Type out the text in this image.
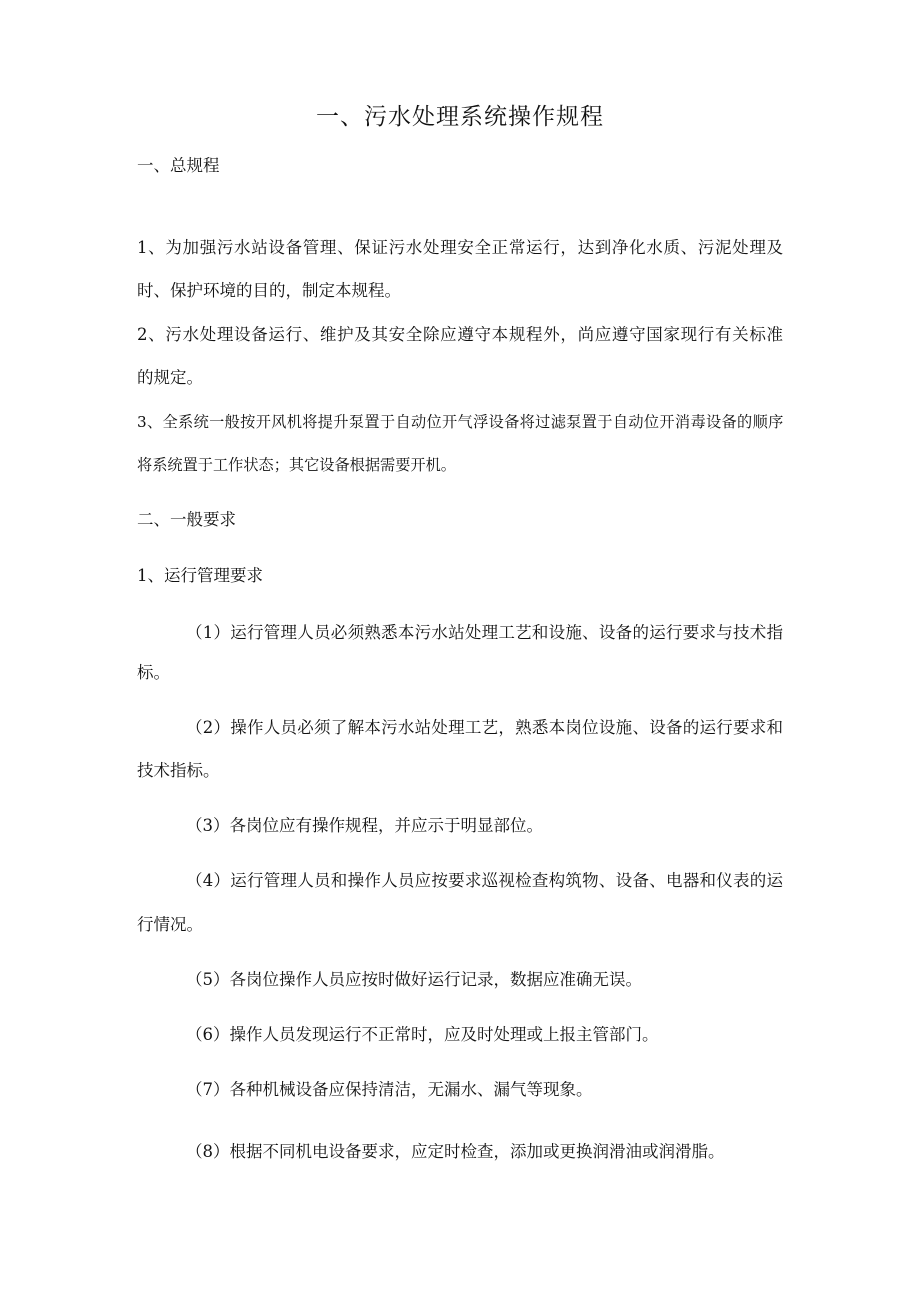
一、污水处理系统操作规程
一、总规程
1、为加强污水站设备管理、保证污水处理安全正常运行，达到净化水质、污泥处理及
时、保护环境的目的，制定本规程。
2、污水处理设备运行、维护及其安全除应遵守本规程外，尚应遵守国家现行有关标准
的规定。
3、全系统一般按开风机将提升泵置于自动位开气浮设备将过滤泵置于自动位开消毒设备的顺序
将系统置于工作状态；其它设备根据需要开机。
二、一般要求
1、运行管理要求
（1）运行管理人员必须熟悉本污水站处理工艺和设施、设备的运行要求与技术指
标。
（2）操作人员必须了解本污水站处理工艺，熟悉本岗位设施、设备的运行要求和
技术指标。
（3）各岗位应有操作规程，并应示于明显部位。
（4）运行管理人员和操作人员应按要求巡视检查构筑物、设备、电器和仪表的运
行情况。
（5）各岗位操作人员应按时做好运行记录，数据应准确无误。
（6）操作人员发现运行不正常时，应及时处理或上报主管部门。
（7）各种机械设备应保持清洁，无漏水、漏气等现象。
（8）根据不同机电设备要求，应定时检查，添加或更换润滑油或润滑脂。
